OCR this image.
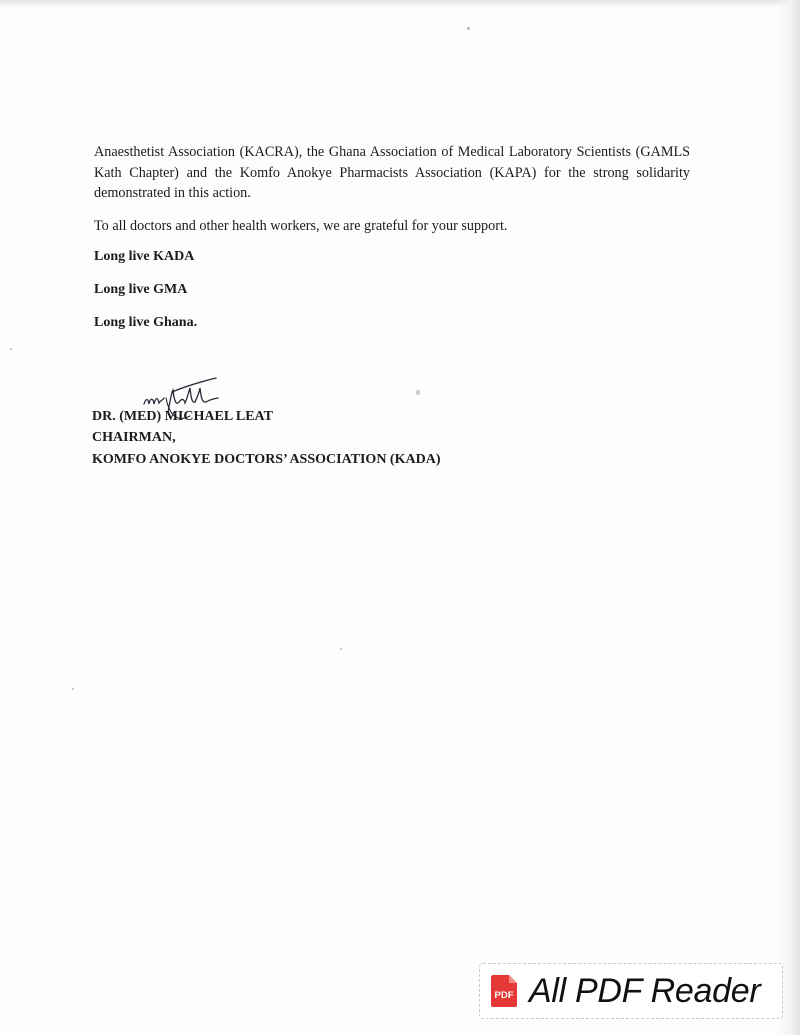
Anaesthetist Association (KACRA), the Ghana Association of Medical Laboratory Scientists (GAMLS Kath Chapter) and the Komfo Anokye Pharmacists Association (KAPA) for the strong solidarity demonstrated in this action.

To all doctors and other health workers, we are grateful for your support.

Long live KADA

Long live GMA

Long live Ghana.

DR. (MED) MICHAEL LEAT

CHAIRMAN,

KOMFO ANOKYE DOCTORS’ ASSOCIATION (KADA)

PDF All PDF Reader
